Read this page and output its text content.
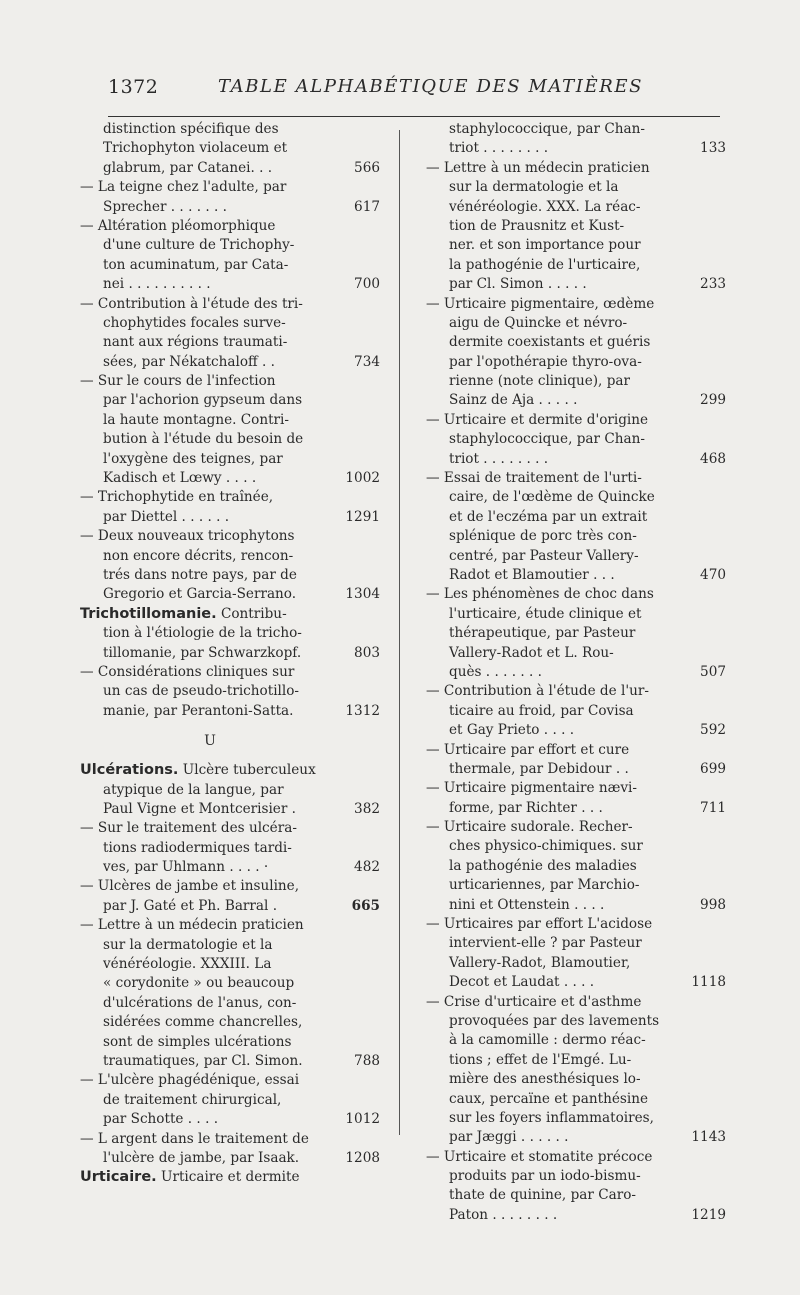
1372	TABLE ALPHABÉTIQUE DES MATIÈRES
distinction spécifique des
Trichophyton violaceum et
glabrum, par Catanei. . .	566
— La teigne chez l'adulte, par
Sprecher . . . . . . .	617
— Altération pléomorphique
d'une culture de Trichophy-
ton acuminatum, par Cata-
nei . . . . . . . . . .	700
— Contribution à l'étude des tri-
chophytides focales surve-
nant aux régions traumati-
sées, par Nékatchaloff . .	734
— Sur le cours de l'infection
par l'achorion gypseum dans
la haute montagne. Contri-
bution à l'étude du besoin de
l'oxygène des teignes, par
Kadisch et Lœwy . . . .	1002
— Trichophytide en traînée,
par Diettel . . . . . .	1291
— Deux nouveaux tricophytons
non encore décrits, rencon-
trés dans notre pays, par de
Gregorio et Garcia-Serrano.	1304
Trichotillomanie. Contribu-
tion à l'étiologie de la tricho-
tillomanie, par Schwarzkopf.	803
— Considérations cliniques sur
un cas de pseudo-trichotillo-
manie, par Perantoni-Satta.	1312
U
Ulcérations. Ulcère tuberculeux
atypique de la langue, par
Paul Vigne et Montcerisier .	382
— Sur le traitement des ulcéra-
tions radiodermiques tardi-
ves, par Uhlmann . . . . ·	482
— Ulcères de jambe et insuline,
par J. Gaté et Ph. Barral .	665
— Lettre à un médecin praticien
sur la dermatologie et la
vénéréologie. XXXIII. La
« corydonite » ou beaucoup
d'ulcérations de l'anus, con-
sidérées comme chancrelles,
sont de simples ulcérations
traumatiques, par Cl. Simon.	788
— L'ulcère phagédénique, essai
de traitement chirurgical,
par Schotte . . . .	1012
— L argent dans le traitement de
l'ulcère de jambe, par Isaak.	1208
Urticaire. Urticaire et dermite
staphylococcique, par Chan-
triot . . . . . . . .	133
— Lettre à un médecin praticien
sur la dermatologie et la
vénéréologie. XXX. La réac-
tion de Prausnitz et Kust-
ner. et son importance pour
la pathogénie de l'urticaire,
par Cl. Simon . . . . .	233
— Urticaire pigmentaire, œdème
aigu de Quincke et névro-
dermite coexistants et guéris
par l'opothérapie thyro-ova-
rienne (note clinique), par
Sainz de Aja . . . . .	299
— Urticaire et dermite d'origine
staphylococcique, par Chan-
triot . . . . . . . .	468
— Essai de traitement de l'urti-
caire, de l'œdème de Quincke
et de l'eczéma par un extrait
splénique de porc très con-
centré, par Pasteur Vallery-
Radot et Blamoutier . . .	470
— Les phénomènes de choc dans
l'urticaire, étude clinique et
thérapeutique, par Pasteur
Vallery-Radot et L. Rou-
quès . . . . . . .	507
— Contribution à l'étude de l'ur-
ticaire au froid, par Covisa
et Gay Prieto . . . .	592
— Urticaire par effort et cure
thermale, par Debidour . .	699
— Urticaire pigmentaire nævi-
forme, par Richter . . .	711
— Urticaire sudorale. Recher-
ches physico-chimiques. sur
la pathogénie des maladies
urticariennes, par Marchio-
nini et Ottenstein . . . .	998
— Urticaires par effort L'acidose
intervient-elle ? par Pasteur
Vallery-Radot, Blamoutier,
Decot et Laudat . . . .	1118
— Crise d'urticaire et d'asthme
provoquées par des lavements
à la camomille : dermo réac-
tions ; effet de l'Emgé. Lu-
mière des anesthésiques lo-
caux, percaïne et panthésine
sur les foyers inflammatoires,
par Jæggi . . . . . .	1143
— Urticaire et stomatite précoce
produits par un iodo-bismu-
thate de quinine, par Caro-
Paton . . . . . . . .	1219
